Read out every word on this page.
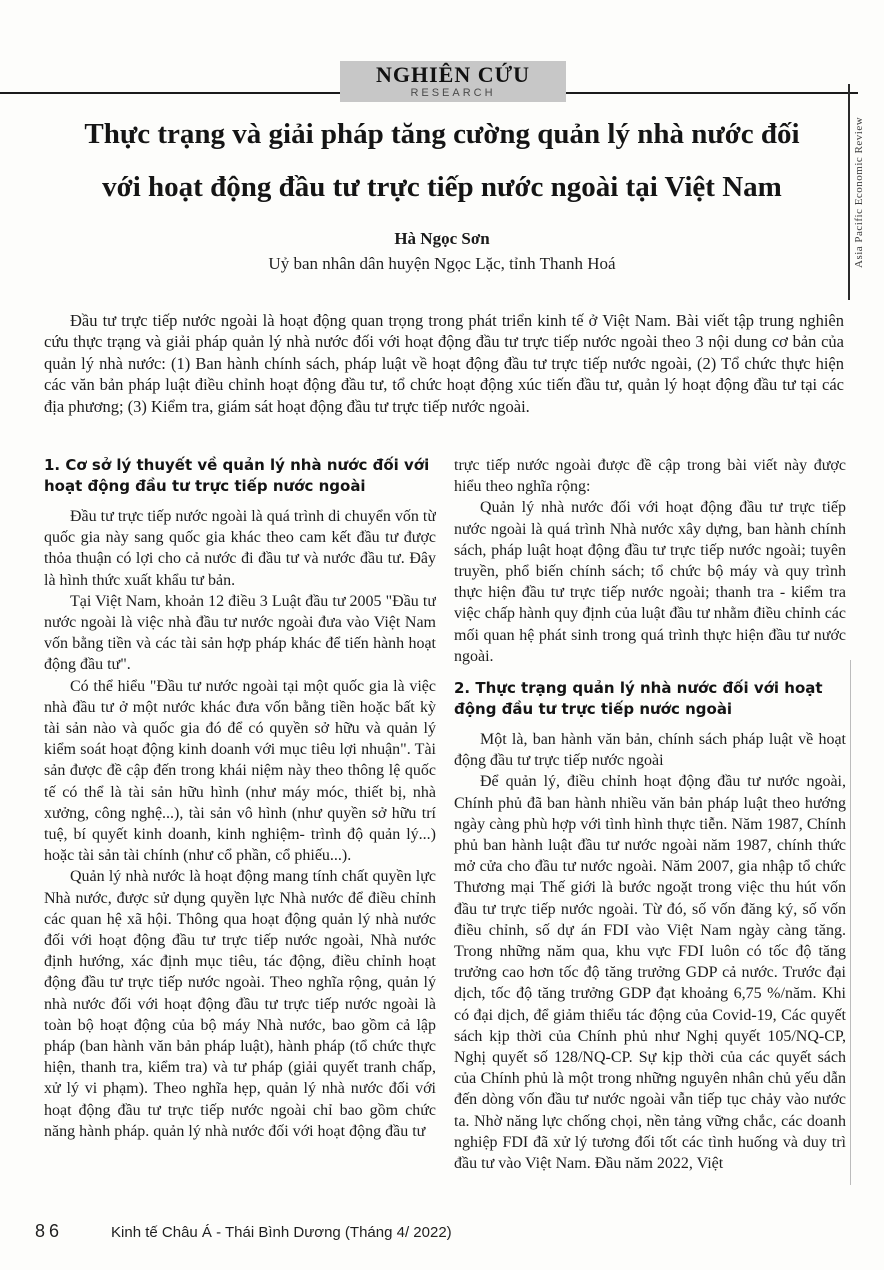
NGHIÊN CỨU
RESEARCH
Thực trạng và giải pháp tăng cường quản lý nhà nước đối
với hoạt động đầu tư trực tiếp nước ngoài tại Việt Nam
Hà Ngọc Sơn
Uỷ ban nhân dân huyện Ngọc Lặc, tỉnh Thanh Hoá

Đầu tư trực tiếp nước ngoài là hoạt động quan trọng trong phát triển kinh tế ở Việt Nam. Bài viết tập trung nghiên cứu thực trạng và giải pháp quản lý nhà nước đối với hoạt động đầu tư trực tiếp nước ngoài theo 3 nội dung cơ bản của quản lý nhà nước: (1) Ban hành chính sách, pháp luật về hoạt động đầu tư trực tiếp nước ngoài, (2) Tổ chức thực hiện các văn bản pháp luật điều chỉnh hoạt động đầu tư, tổ chức hoạt động xúc tiến đầu tư, quản lý hoạt động đầu tư tại các địa phương; (3) Kiểm tra, giám sát hoạt động đầu tư trực tiếp nước ngoài.

1. Cơ sở lý thuyết về quản lý nhà nước đối với hoạt động đầu tư trực tiếp nước ngoài

Đầu tư trực tiếp nước ngoài là quá trình di chuyển vốn từ quốc gia này sang quốc gia khác theo cam kết đầu tư được thỏa thuận có lợi cho cả nước đi đầu tư và nước đầu tư. Đây là hình thức xuất khẩu tư bản.

Tại Việt Nam, khoản 12 điều 3 Luật đầu tư 2005 "Đầu tư nước ngoài là việc nhà đầu tư nước ngoài đưa vào Việt Nam vốn bằng tiền và các tài sản hợp pháp khác để tiến hành hoạt động đầu tư".

Có thể hiểu "Đầu tư nước ngoài tại một quốc gia là việc nhà đầu tư ở một nước khác đưa vốn bằng tiền hoặc bất kỳ tài sản nào và quốc gia đó để có quyền sở hữu và quản lý kiểm soát hoạt động kinh doanh với mục tiêu lợi nhuận". Tài sản được đề cập đến trong khái niệm này theo thông lệ quốc tế có thể là tài sản hữu hình (như máy móc, thiết bị, nhà xưởng, công nghệ...), tài sản vô hình (như quyền sở hữu trí tuệ, bí quyết kinh doanh, kinh nghiệm- trình độ quản lý...) hoặc tài sản tài chính (như cổ phần, cổ phiếu...).

Quản lý nhà nước là hoạt động mang tính chất quyền lực Nhà nước, được sử dụng quyền lực Nhà nước để điều chỉnh các quan hệ xã hội. Thông qua hoạt động quản lý nhà nước đối với hoạt động đầu tư trực tiếp nước ngoài, Nhà nước định hướng, xác định mục tiêu, tác động, điều chỉnh hoạt động đầu tư trực tiếp nước ngoài. Theo nghĩa rộng, quản lý nhà nước đối với hoạt động đầu tư trực tiếp nước ngoài là toàn bộ hoạt động của bộ máy Nhà nước, bao gồm cả lập pháp (ban hành văn bản pháp luật), hành pháp (tổ chức thực hiện, thanh tra, kiểm tra) và tư pháp (giải quyết tranh chấp, xử lý vi phạm). Theo nghĩa hẹp, quản lý nhà nước đối với hoạt động đầu tư trực tiếp nước ngoài chỉ bao gồm chức năng hành pháp. quản lý nhà nước đối với hoạt động đầu tư

trực tiếp nước ngoài được đề cập trong bài viết này được hiểu theo nghĩa rộng:

Quản lý nhà nước đối với hoạt động đầu tư trực tiếp nước ngoài là quá trình Nhà nước xây dựng, ban hành chính sách, pháp luật hoạt động đầu tư trực tiếp nước ngoài; tuyên truyền, phổ biến chính sách; tổ chức bộ máy và quy trình thực hiện đầu tư trực tiếp nước ngoài; thanh tra - kiểm tra việc chấp hành quy định của luật đầu tư nhằm điều chỉnh các mối quan hệ phát sinh trong quá trình thực hiện đầu tư nước ngoài.

2. Thực trạng quản lý nhà nước đối với hoạt động đầu tư trực tiếp nước ngoài

Một là, ban hành văn bản, chính sách pháp luật về hoạt động đầu tư trực tiếp nước ngoài

Để quản lý, điều chỉnh hoạt động đầu tư nước ngoài, Chính phủ đã ban hành nhiều văn bản pháp luật theo hướng ngày càng phù hợp với tình hình thực tiễn. Năm 1987, Chính phủ ban hành luật đầu tư nước ngoài năm 1987, chính thức mở cửa cho đầu tư nước ngoài. Năm 2007, gia nhập tổ chức Thương mại Thế giới là bước ngoặt trong việc thu hút vốn đầu tư trực tiếp nước ngoài. Từ đó, số vốn đăng ký, số vốn điều chỉnh, số dự án FDI vào Việt Nam ngày càng tăng. Trong những năm qua, khu vực FDI luôn có tốc độ tăng trưởng cao hơn tốc độ tăng trưởng GDP cả nước. Trước đại dịch, tốc độ tăng trưởng GDP đạt khoảng 6,75 %/năm. Khi có đại dịch, để giảm thiểu tác động của Covid-19, Các quyết sách kịp thời của Chính phủ như Nghị quyết 105/NQ-CP, Nghị quyết số 128/NQ-CP. Sự kịp thời của các quyết sách của Chính phủ là một trong những nguyên nhân chủ yếu dẫn đến dòng vốn đầu tư nước ngoài vẫn tiếp tục chảy vào nước ta. Nhờ năng lực chống chọi, nền tảng vững chắc, các doanh nghiệp FDI đã xử lý tương đối tốt các tình huống và duy trì đầu tư vào Việt Nam. Đầu năm 2022, Việt

Asia Pacific Economic Review
86	Kinh tế Châu Á - Thái Bình Dương (Tháng 4/ 2022)
